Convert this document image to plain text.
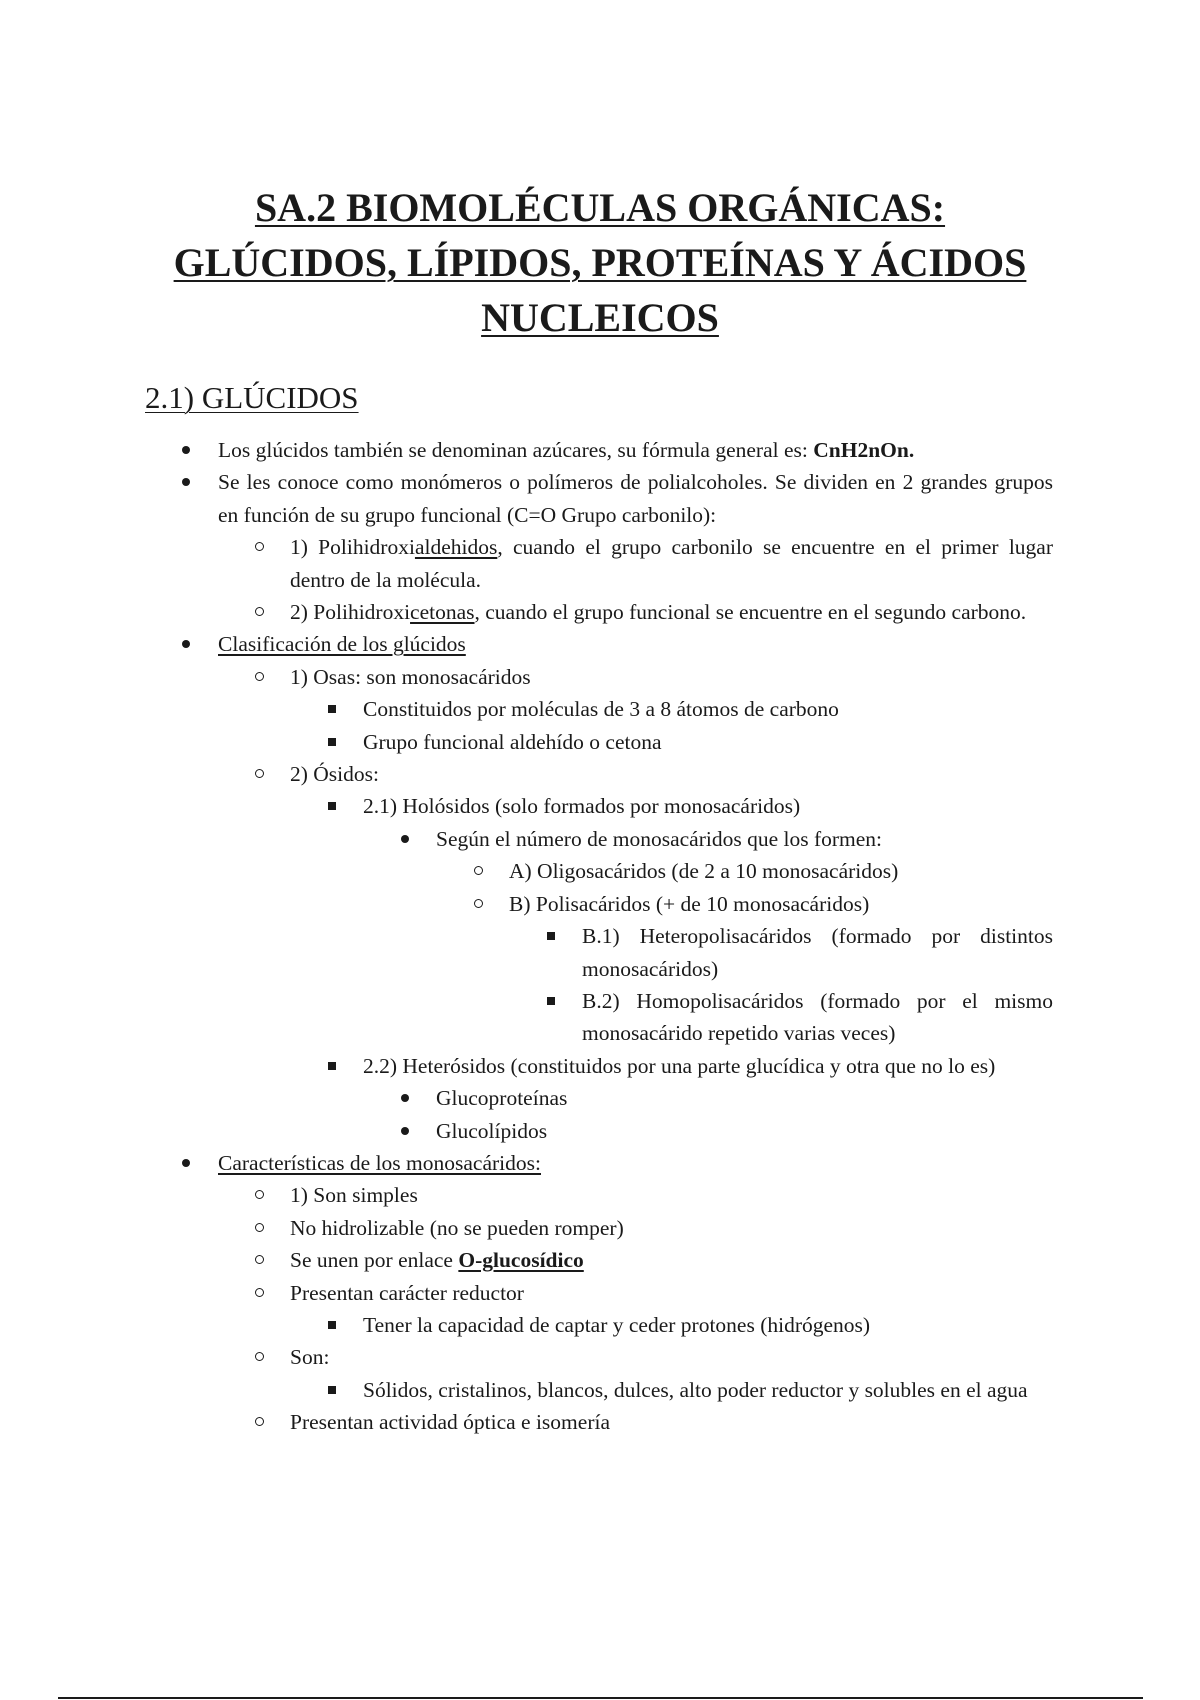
SA.2 BIOMOLÉCULAS ORGÁNICAS:
GLÚCIDOS, LÍPIDOS, PROTEÍNAS Y ÁCIDOS
NUCLEICOS
2.1) GLÚCIDOS
Los glúcidos también se denominan azúcares, su fórmula general es: CnH2nOn.
Se les conoce como monómeros o polímeros de polialcoholes. Se dividen en 2 grandes grupos en función de su grupo funcional (C=O Grupo carbonilo):
1) Polihidroxialdehidos, cuando el grupo carbonilo se encuentre en el primer lugar dentro de la molécula.
2) Polihidroxicetonas, cuando el grupo funcional se encuentre en el segundo carbono.
Clasificación de los glúcidos
1) Osas: son monosacáridos
Constituidos por moléculas de 3 a 8 átomos de carbono
Grupo funcional aldehído o cetona
2) Ósidos:
2.1) Holósidos (solo formados por monosacáridos)
Según el número de monosacáridos que los formen:
A) Oligosacáridos (de 2 a 10 monosacáridos)
B) Polisacáridos (+ de 10 monosacáridos)
B.1) Heteropolisacáridos (formado por distintos monosacáridos)
B.2) Homopolisacáridos (formado por el mismo monosacárido repetido varias veces)
2.2) Heterósidos (constituidos por una parte glucídica y otra que no lo es)
Glucoproteínas
Glucolípidos
Características de los monosacáridos:
1) Son simples
No hidrolizable (no se pueden romper)
Se unen por enlace O-glucosídico
Presentan carácter reductor
Tener la capacidad de captar y ceder protones (hidrógenos)
Son:
Sólidos, cristalinos, blancos, dulces, alto poder reductor y solubles en el agua
Presentan actividad óptica e isomería
